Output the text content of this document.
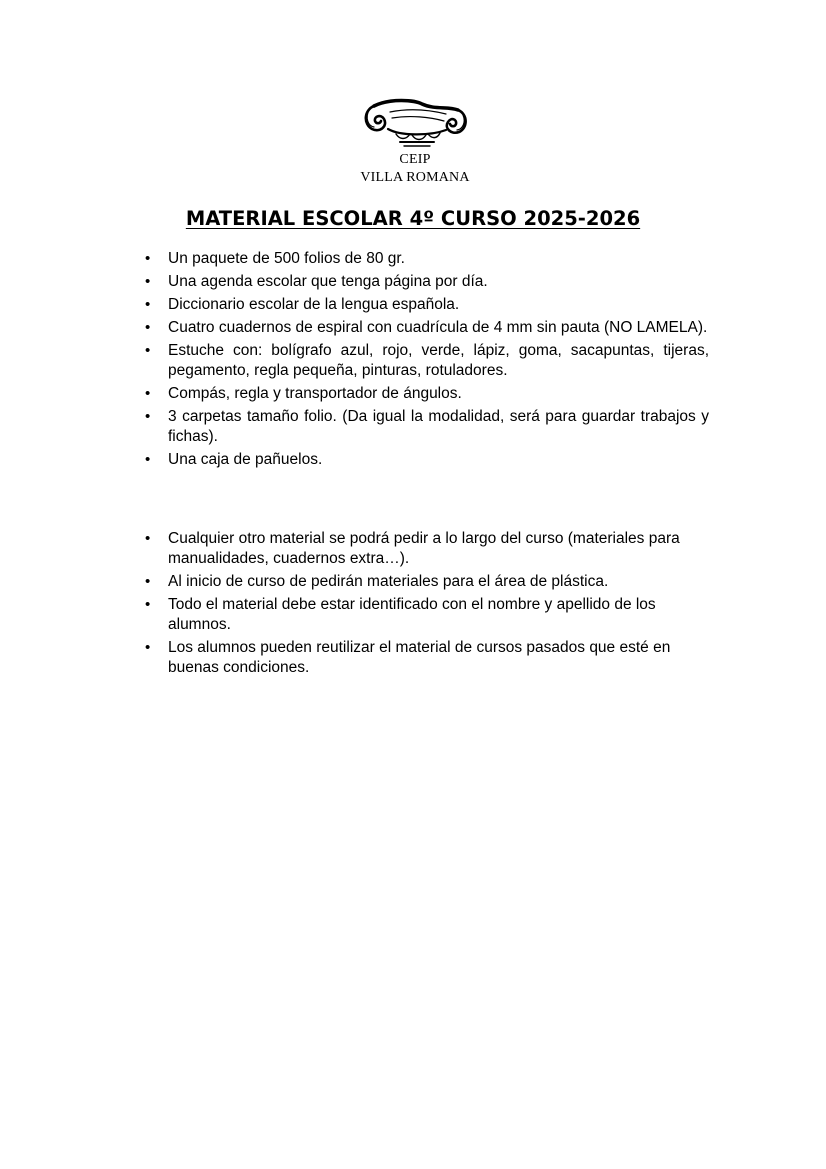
CEIP
VILLA ROMANA
MATERIAL ESCOLAR 4º CURSO 2025-2026
• Un paquete de 500 folios de 80 gr.
• Una agenda escolar que tenga página por día.
• Diccionario escolar de la lengua española.
• Cuatro cuadernos de espiral con cuadrícula de 4 mm sin pauta (NO LAMELA).
• Estuche con: bolígrafo azul, rojo, verde, lápiz, goma, sacapuntas, tijeras, pegamento, regla pequeña, pinturas, rotuladores.
• Compás, regla y transportador de ángulos.
• 3 carpetas tamaño folio. (Da igual la modalidad, será para guardar trabajos y fichas).
• Una caja de pañuelos.
• Cualquier otro material se podrá pedir a lo largo del curso (materiales para manualidades, cuadernos extra…).
• Al inicio de curso de pedirán materiales para el área de plástica.
• Todo el material debe estar identificado con el nombre y apellido de los alumnos.
• Los alumnos pueden reutilizar el material de cursos pasados que esté en buenas condiciones.
